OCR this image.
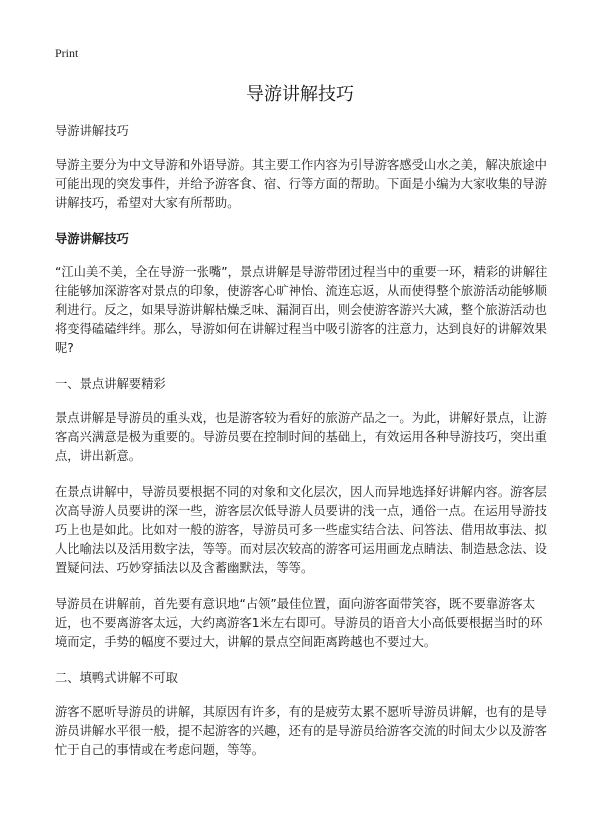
Print
导游讲解技巧

导游讲解技巧

导游主要分为中文导游和外语导游。其主要工作内容为引导游客感受山水之美，解决旅途中可能出现的突发事件，并给予游客食、宿、行等方面的帮助。下面是小编为大家收集的导游讲解技巧，希望对大家有所帮助。

导游讲解技巧

“江山美不美，全在导游一张嘴”，景点讲解是导游带团过程当中的重要一环，精彩的讲解往往能够加深游客对景点的印象，使游客心旷神怡、流连忘返，从而使得整个旅游活动能够顺利进行。反之，如果导游讲解枯燥乏味、漏洞百出，则会使游客游兴大减，整个旅游活动也将变得磕磕绊绊。那么，导游如何在讲解过程当中吸引游客的注意力，达到良好的讲解效果呢?

一、景点讲解要精彩

景点讲解是导游员的重头戏，也是游客较为看好的旅游产品之一。为此，讲解好景点，让游客高兴满意是极为重要的。导游员要在控制时间的基础上，有效运用各种导游技巧，突出重点，讲出新意。

在景点讲解中，导游员要根据不同的对象和文化层次，因人而异地选择好讲解内容。游客层次高导游人员要讲的深一些，游客层次低导游人员要讲的浅一点，通俗一点。在运用导游技巧上也是如此。比如对一般的游客，导游员可多一些虚实结合法、问答法、借用故事法、拟人比喻法以及活用数字法，等等。而对层次较高的游客可运用画龙点睛法、制造悬念法、设置疑问法、巧妙穿插法以及含蓄幽默法，等等。

导游员在讲解前，首先要有意识地“占领”最佳位置，面向游客面带笑容，既不要靠游客太近，也不要离游客太远，大约离游客1米左右即可。导游员的语音大小高低要根据当时的环境而定，手势的幅度不要过大，讲解的景点空间距离跨越也不要过大。

二、填鸭式讲解不可取

游客不愿听导游员的讲解，其原因有许多，有的是疲劳太累不愿听导游员讲解，也有的是导游员讲解水平很一般，提不起游客的兴趣，还有的是导游员给游客交流的时间太少以及游客忙于自己的事情或在考虑问题，等等。
